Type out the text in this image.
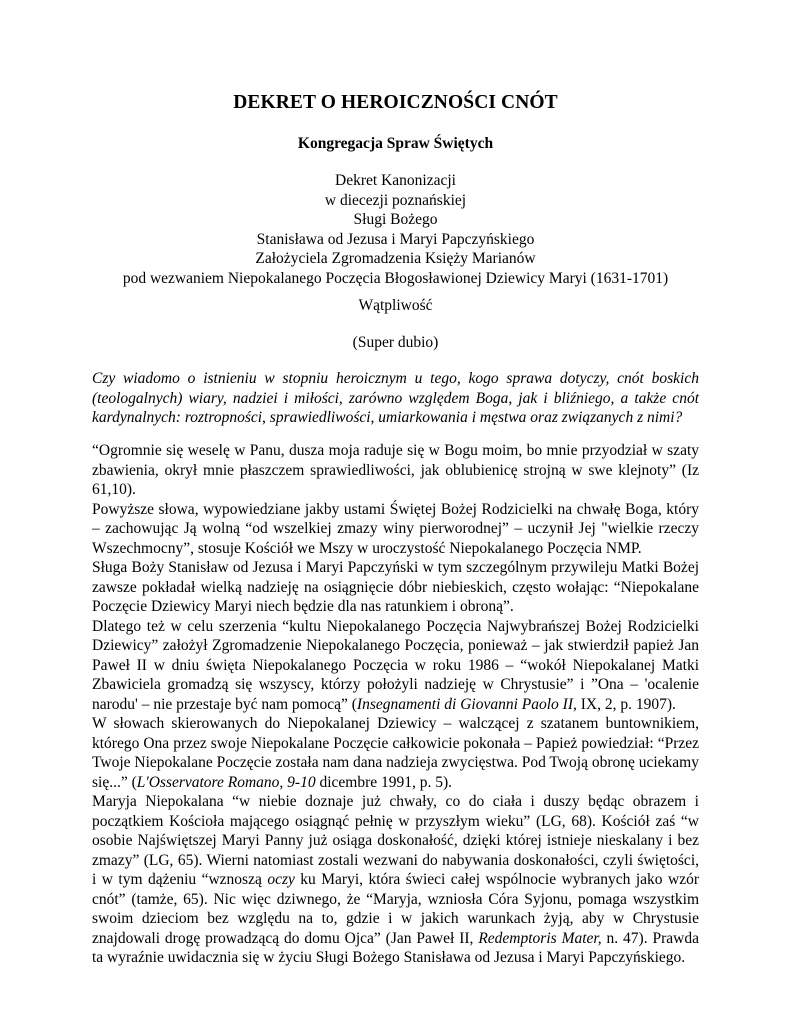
DEKRET O HEROICZNOŚCI CNÓT
Kongregacja Spraw Świętych
Dekret Kanonizacji
w diecezji poznańskiej
Sługi Bożego
Stanisława od Jezusa i Maryi Papczyńskiego
Założyciela Zgromadzenia Księży Marianów
pod wezwaniem Niepokalanego Poczęcia Błogosławionej Dziewicy Maryi (1631-1701)
Wątpliwość
(Super dubio)

Czy wiadomo o istnieniu w stopniu heroicznym u tego, kogo sprawa dotyczy, cnót boskich (teologalnych) wiary, nadziei i miłości, zarówno względem Boga, jak i bliźniego, a także cnót kardynalnych: roztropności, sprawiedliwości, umiarkowania i męstwa oraz związanych z nimi?

“Ogromnie się weselę w Panu, dusza moja raduje się w Bogu moim, bo mnie przyodział w szaty zbawienia, okrył mnie płaszczem sprawiedliwości, jak oblubienicę strojną w swe klejnoty” (Iz 61,10).

Powyższe słowa, wypowiedziane jakby ustami Świętej Bożej Rodzicielki na chwałę Boga, który – zachowując Ją wolną “od wszelkiej zmazy winy pierworodnej” – uczynił Jej "wielkie rzeczy Wszechmocny”, stosuje Kościół we Mszy w uroczystość Niepokalanego Poczęcia NMP.

Sługa Boży Stanisław od Jezusa i Maryi Papczyński w tym szczególnym przywileju Matki Bożej zawsze pokładał wielką nadzieję na osiągnięcie dóbr niebieskich, często wołając: “Niepokalane Poczęcie Dziewicy Maryi niech będzie dla nas ratunkiem i obroną”.

Dlatego też w celu szerzenia “kultu Niepokalanego Poczęcia Najwybrańszej Bożej Rodzicielki Dziewicy” założył Zgromadzenie Niepokalanego Poczęcia, ponieważ – jak stwierdził papież Jan Paweł II w dniu święta Niepokalanego Poczęcia w roku 1986 – “wokół Niepokalanej Matki Zbawiciela gromadzą się wszyscy, którzy położyli nadzieję w Chrystusie” i ”Ona – 'ocalenie narodu' – nie przestaje być nam pomocą” (Insegnamenti di Giovanni Paolo II, IX, 2, p. 1907).

W słowach skierowanych do Niepokalanej Dziewicy – walczącej z szatanem buntownikiem, którego Ona przez swoje Niepokalane Poczęcie całkowicie pokonała – Papież powiedział: “Przez Twoje Niepokalane Poczęcie została nam dana nadzieja zwycięstwa. Pod Twoją obronę uciekamy się...” (L'Osservatore Romano, 9-10 dicembre 1991, p. 5).

Maryja Niepokalana “w niebie doznaje już chwały, co do ciała i duszy będąc obrazem i początkiem Kościoła mającego osiągnąć pełnię w przyszłym wieku” (LG, 68). Kościół zaś “w osobie Najświętszej Maryi Panny już osiąga doskonałość, dzięki której istnieje nieskalany i bez zmazy” (LG, 65). Wierni natomiast zostali wezwani do nabywania doskonałości, czyli świętości, i w tym dążeniu “wznoszą oczy ku Maryi, która świeci całej wspólnocie wybranych jako wzór cnót” (tamże, 65). Nic więc dziwnego, że “Maryja, wzniosła Córa Syjonu, pomaga wszystkim swoim dzieciom bez względu na to, gdzie i w jakich warunkach żyją, aby w Chrystusie znajdowali drogę prowadzącą do domu Ojca” (Jan Paweł II, Redemptoris Mater, n. 47). Prawda ta wyraźnie uwidacznia się w życiu Sługi Bożego Stanisława od Jezusa i Maryi Papczyńskiego.
